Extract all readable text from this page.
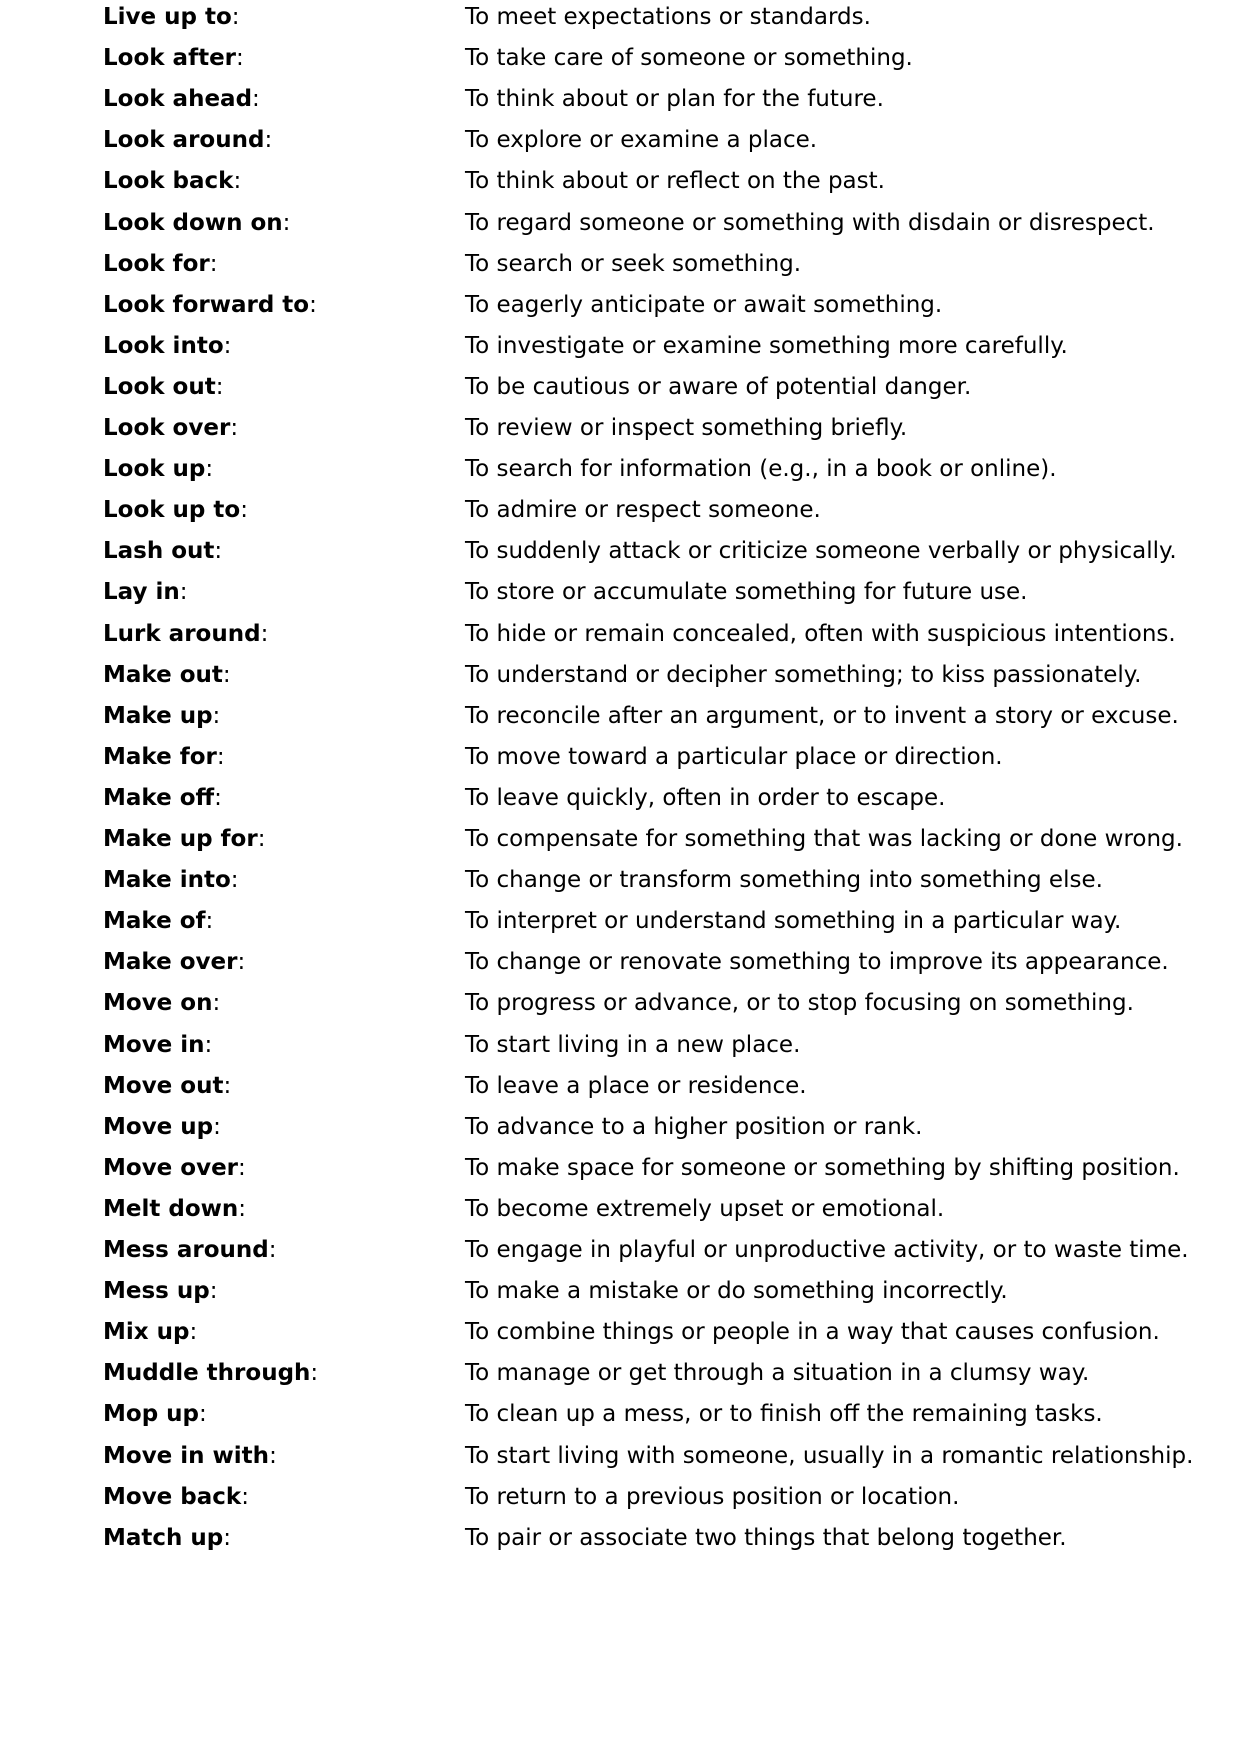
Live up to:	To meet expectations or standards.
Look after:	To take care of someone or something.
Look ahead:	To think about or plan for the future.
Look around:	To explore or examine a place.
Look back:	To think about or reflect on the past.
Look down on:	To regard someone or something with disdain or disrespect.
Look for:	To search or seek something.
Look forward to:	To eagerly anticipate or await something.
Look into:	To investigate or examine something more carefully.
Look out:	To be cautious or aware of potential danger.
Look over:	To review or inspect something briefly.
Look up:	To search for information (e.g., in a book or online).
Look up to:	To admire or respect someone.
Lash out:	To suddenly attack or criticize someone verbally or physically.
Lay in:	To store or accumulate something for future use.
Lurk around:	To hide or remain concealed, often with suspicious intentions.
Make out:	To understand or decipher something; to kiss passionately.
Make up:	To reconcile after an argument, or to invent a story or excuse.
Make for:	To move toward a particular place or direction.
Make off:	To leave quickly, often in order to escape.
Make up for:	To compensate for something that was lacking or done wrong.
Make into:	To change or transform something into something else.
Make of:	To interpret or understand something in a particular way.
Make over:	To change or renovate something to improve its appearance.
Move on:	To progress or advance, or to stop focusing on something.
Move in:	To start living in a new place.
Move out:	To leave a place or residence.
Move up:	To advance to a higher position or rank.
Move over:	To make space for someone or something by shifting position.
Melt down:	To become extremely upset or emotional.
Mess around:	To engage in playful or unproductive activity, or to waste time.
Mess up:	To make a mistake or do something incorrectly.
Mix up:	To combine things or people in a way that causes confusion.
Muddle through:	To manage or get through a situation in a clumsy way.
Mop up:	To clean up a mess, or to finish off the remaining tasks.
Move in with:	To start living with someone, usually in a romantic relationship.
Move back:	To return to a previous position or location.
Match up:	To pair or associate two things that belong together.
